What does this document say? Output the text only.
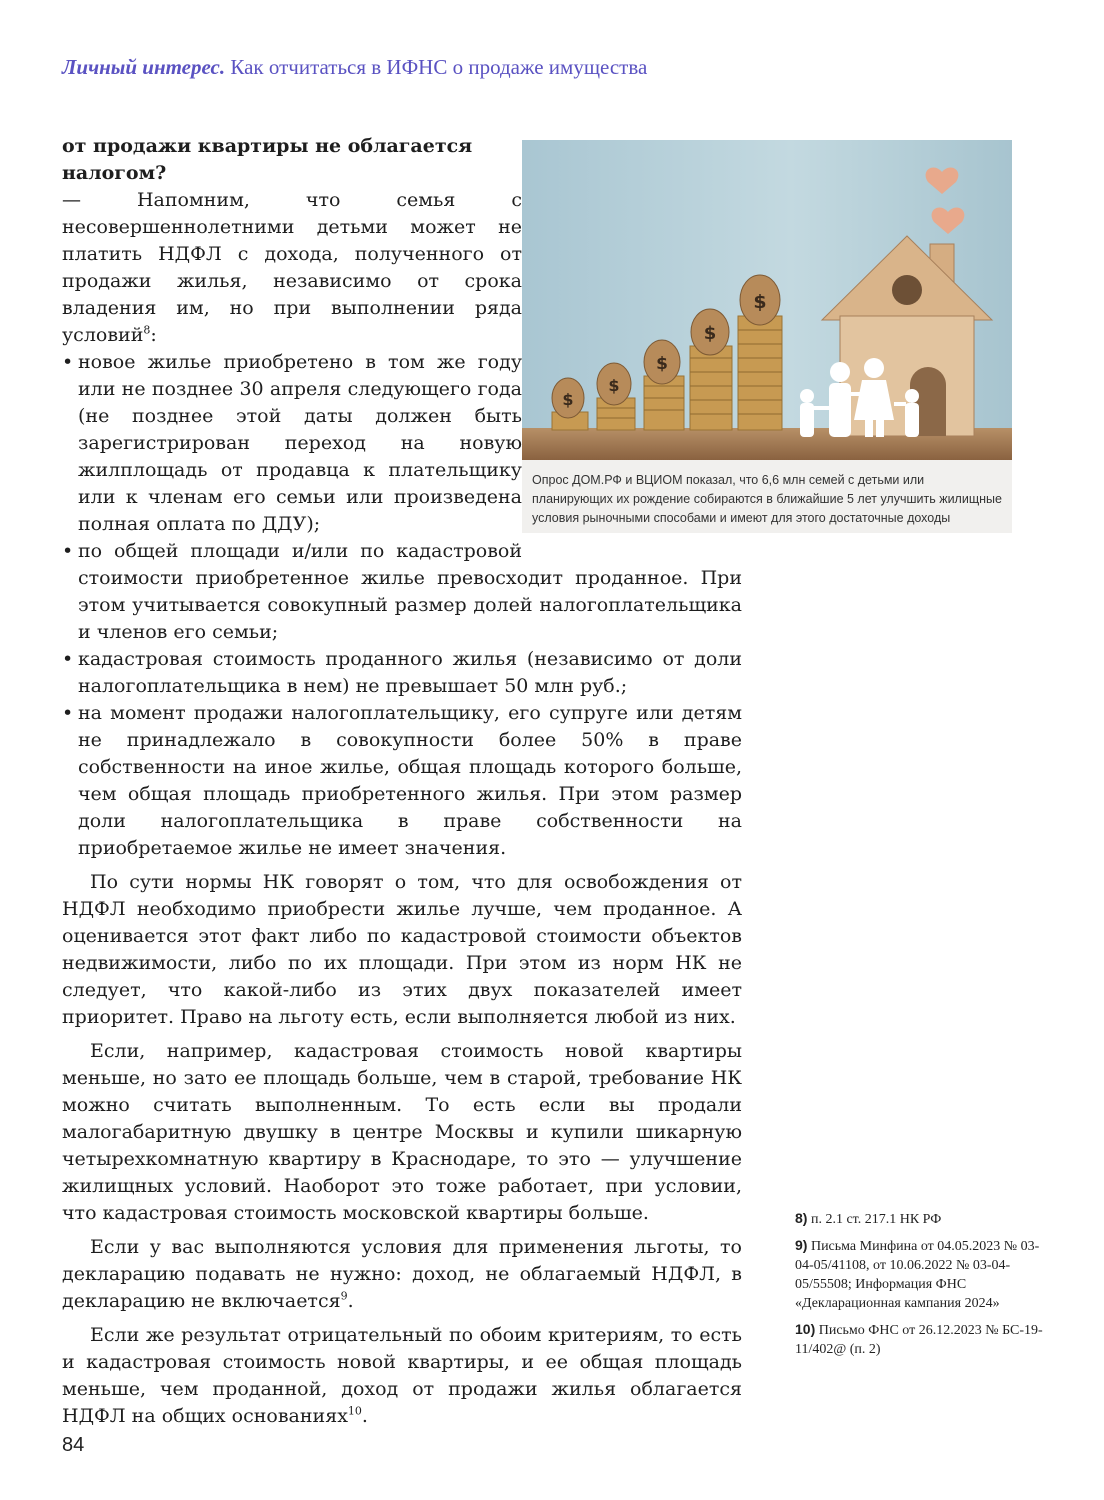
Личный интерес. Как отчитаться в ИФНС о продаже имущества

от продажи квартиры не облагается налогом?

— Напомним, что семья с несовершеннолетними детьми может не платить НДФЛ с дохода, полученного от продажи жилья, независимо от срока владения им, но при выполнении ряда условий$^8$:

• новое жилье приобретено в том же году или не позднее 30 апреля следующего года (не позднее этой даты должен быть зарегистрирован переход на новую жилплощадь от продавца к плательщику или к членам его семьи или произведена полная оплата по ДДУ);
• по общей площади и/или по кадастровой стоимости приобретенное жилье превосходит проданное. При этом учитывается совокупный размер долей налогоплательщика и членов его семьи;
• кадастровая стоимость проданного жилья (независимо от доли налогоплательщика в нем) не превышает 50 млн руб.;
• на момент продажи налогоплательщику, его супруге или детям не принадлежало в совокупности более 50% в праве собственности на иное жилье, общая площадь которого больше, чем общая площадь приобретенного жилья. При этом размер доли налогоплательщика в праве собственности на приобретаемое жилье не имеет значения.

По сути нормы НК говорят о том, что для освобождения от НДФЛ необходимо приобрести жилье лучше, чем проданное. А оценивается этот факт либо по кадастровой стоимости объектов недвижимости, либо по их площади. При этом из норм НК не следует, что какой-либо из этих двух показателей имеет приоритет. Право на льготу есть, если выполняется любой из них.

Если, например, кадастровая стоимость новой квартиры меньше, но зато ее площадь больше, чем в старой, требование НК можно считать выполненным. То есть если вы продали малогабаритную двушку в центре Москвы и купили шикарную четырехкомнатную квартиру в Краснодаре, то это — улучшение жилищных условий. Наоборот это тоже работает, при условии, что кадастровая стоимость московской квартиры больше.

Если у вас выполняются условия для применения льготы, то декларацию подавать не нужно: доход, не облагаемый НДФЛ, в декларацию не включается$^9$.

Если же результат отрицательный по обоим критериям, то есть и кадастровая стоимость новой квартиры, и ее общая площадь меньше, чем проданной, доход от продажи жилья облагается НДФЛ на общих основаниях$^{10}$.

$
$
$
$
$
Опрос ДОМ.РФ и ВЦИОМ показал, что 6,6 млн семей с детьми или планирующих их рождение собираются в ближайшие 5 лет улучшить жилищные условия рыночными способами и имеют для этого достаточные доходы
8) п. 2.1 ст. 217.1 НК РФ
9) Письма Минфина от 04.05.2023 № 03-04-05/41108, от 10.06.2022 № 03-04-05/55508; Информация ФНС «Декларационная кампания 2024»
10) Письмо ФНС от 26.12.2023 № БС-19-11/402@ (п. 2)
84
